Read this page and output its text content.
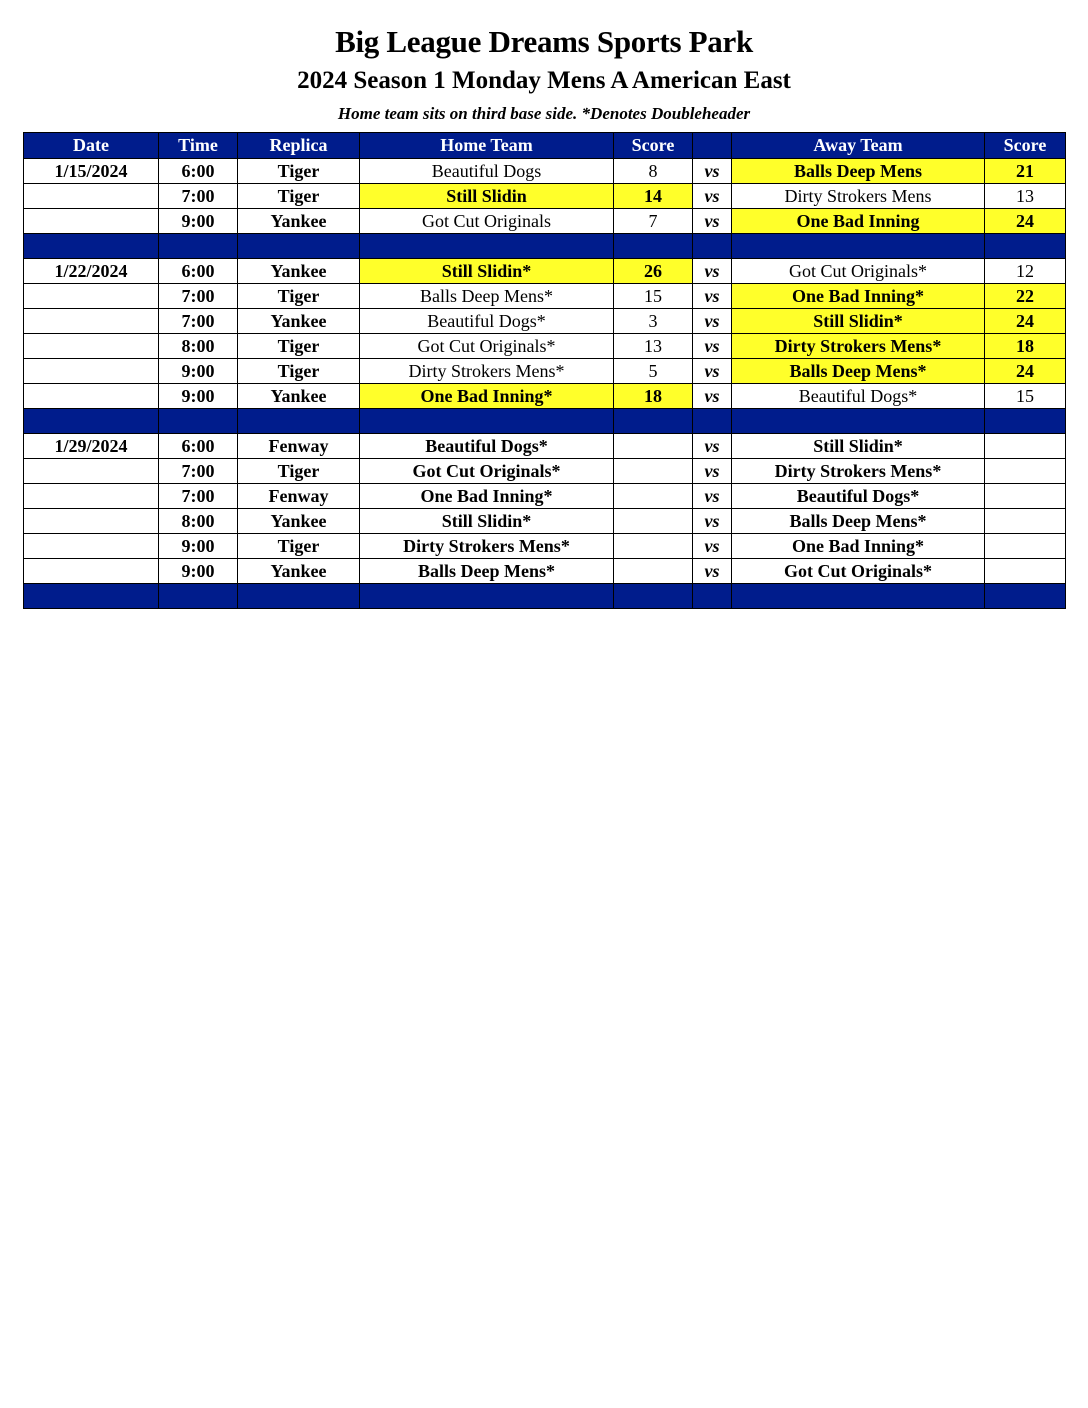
Big League Dreams Sports Park
2024 Season 1 Monday Mens A American East
Home team sits on third base side. *Denotes Doubleheader
Date	Time	Replica	Home Team	Score		Away Team	Score
1/15/2024	6:00	Tiger	Beautiful Dogs	8	vs	Balls Deep Mens	21
	7:00	Tiger	Still Slidin	14	vs	Dirty Strokers Mens	13
	9:00	Yankee	Got Cut Originals	7	vs	One Bad Inning	24

1/22/2024	6:00	Yankee	Still Slidin*	26	vs	Got Cut Originals*	12
	7:00	Tiger	Balls Deep Mens*	15	vs	One Bad Inning*	22
	7:00	Yankee	Beautiful Dogs*	3	vs	Still Slidin*	24
	8:00	Tiger	Got Cut Originals*	13	vs	Dirty Strokers Mens*	18
	9:00	Tiger	Dirty Strokers Mens*	5	vs	Balls Deep Mens*	24
	9:00	Yankee	One Bad Inning*	18	vs	Beautiful Dogs*	15

1/29/2024	6:00	Fenway	Beautiful Dogs*		vs	Still Slidin*	
	7:00	Tiger	Got Cut Originals*		vs	Dirty Strokers Mens*	
	7:00	Fenway	One Bad Inning*		vs	Beautiful Dogs*	
	8:00	Yankee	Still Slidin*		vs	Balls Deep Mens*	
	9:00	Tiger	Dirty Strokers Mens*		vs	One Bad Inning*	
	9:00	Yankee	Balls Deep Mens*		vs	Got Cut Originals*	
